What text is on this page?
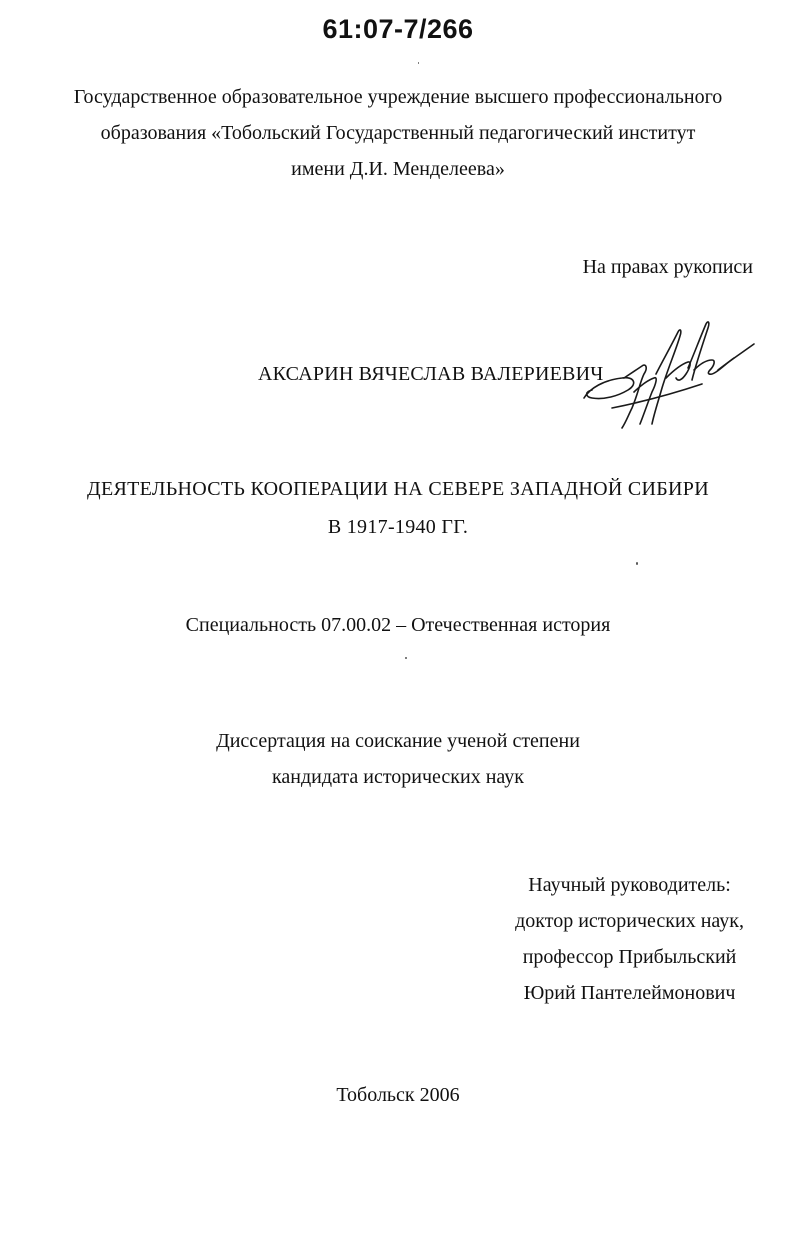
61:07-7/266
Государственное образовательное учреждение высшего профессионального
образования «Тобольский Государственный педагогический институт
имени Д.И. Менделеева»
На правах рукописи
АКСАРИН ВЯЧЕСЛАВ ВАЛЕРИЕВИЧ
ДЕЯТЕЛЬНОСТЬ КООПЕРАЦИИ НА СЕВЕРЕ ЗАПАДНОЙ СИБИРИ
В 1917-1940 ГГ.
Специальность 07.00.02 – Отечественная история
Диссертация на соискание ученой степени
кандидата исторических наук
Научный руководитель:
доктор исторических наук,
профессор Прибыльский
Юрий Пантелеймонович
Тобольск 2006
